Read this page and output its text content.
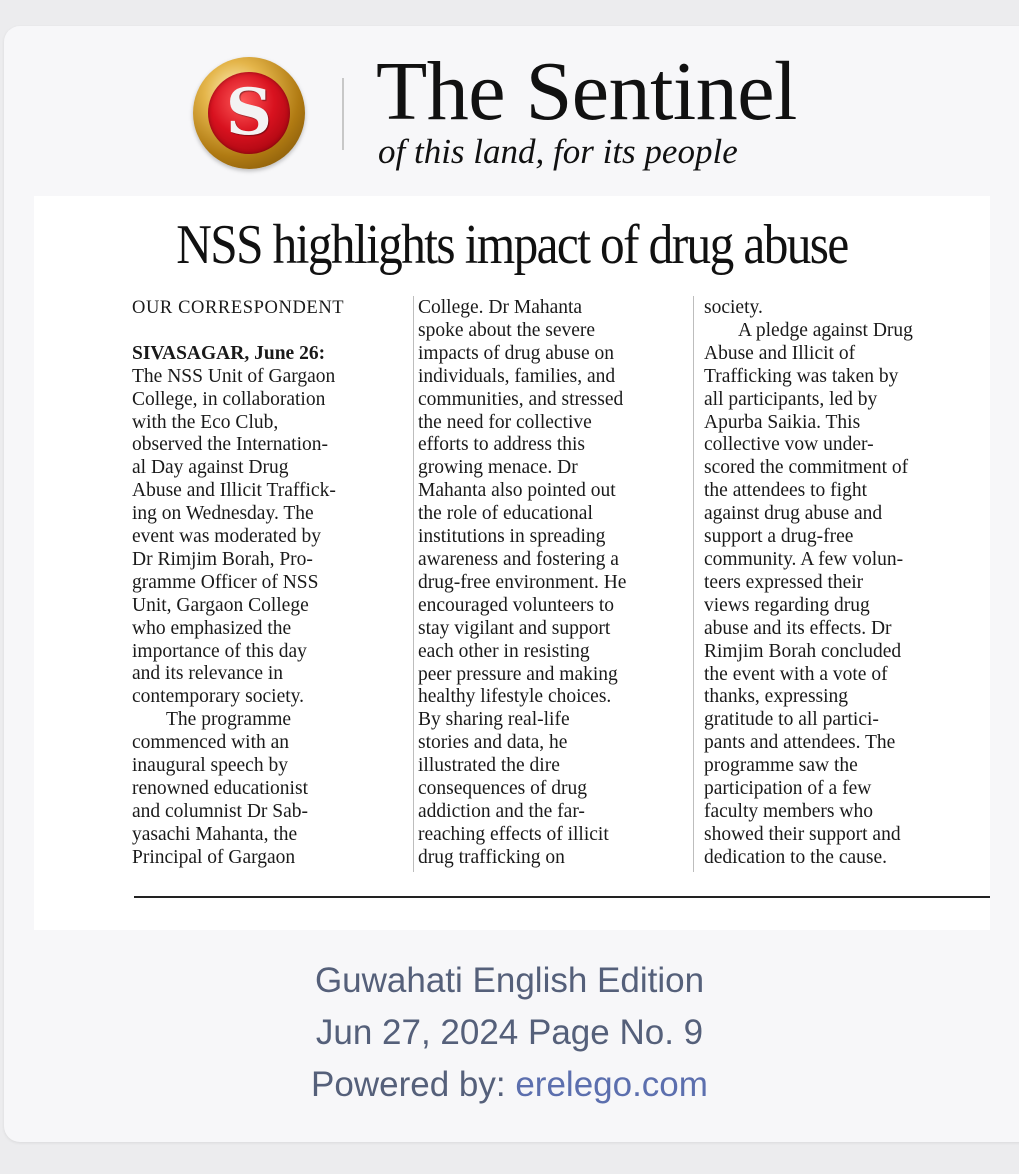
S The Sentinel
of this land, for its people
NSS highlights impact of drug abuse
OUR CORRESPONDENT
SIVASAGAR, June 26:
The NSS Unit of Gargaon
College, in collaboration
with the Eco Club,
observed the Internation-
al Day against Drug
Abuse and Illicit Traffick-
ing on Wednesday. The
event was moderated by
Dr Rimjim Borah, Pro-
gramme Officer of NSS
Unit, Gargaon College
who emphasized the
importance of this day
and its relevance in
contemporary society.
The programme
commenced with an
inaugural speech by
renowned educationist
and columnist Dr Sab-
yasachi Mahanta, the
Principal of Gargaon
College. Dr Mahanta
spoke about the severe
impacts of drug abuse on
individuals, families, and
communities, and stressed
the need for collective
efforts to address this
growing menace. Dr
Mahanta also pointed out
the role of educational
institutions in spreading
awareness and fostering a
drug-free environment. He
encouraged volunteers to
stay vigilant and support
each other in resisting
peer pressure and making
healthy lifestyle choices.
By sharing real-life
stories and data, he
illustrated the dire
consequences of drug
addiction and the far-
reaching effects of illicit
drug trafficking on
society.
A pledge against Drug
Abuse and Illicit of
Trafficking was taken by
all participants, led by
Apurba Saikia. This
collective vow under-
scored the commitment of
the attendees to fight
against drug abuse and
support a drug-free
community. A few volun-
teers expressed their
views regarding drug
abuse and its effects. Dr
Rimjim Borah concluded
the event with a vote of
thanks, expressing
gratitude to all partici-
pants and attendees. The
programme saw the
participation of a few
faculty members who
showed their support and
dedication to the cause.
Guwahati English Edition
Jun 27, 2024 Page No. 9
Powered by: erelego.com
